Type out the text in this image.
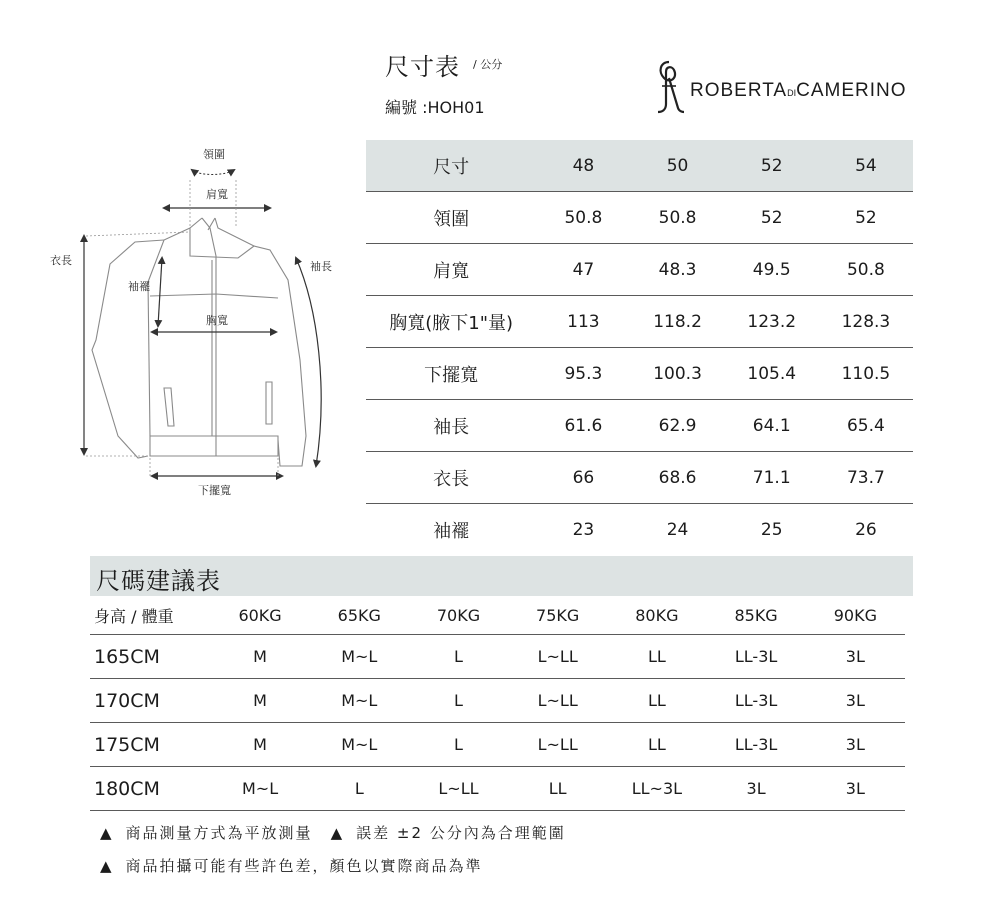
尺寸表 / 公分
編號 :HOH01
ROBERTADICAMERINO
領圍
肩寬
衣長	袖長
袖襬
胸寬
下擺寬
尺寸	48	50	52	54
領圍	50.8	50.8	52	52
肩寬	47	48.3	49.5	50.8
胸寬(腋下1"量)	113	118.2	123.2	128.3
下擺寬	95.3	100.3	105.4	110.5
袖長	61.6	62.9	64.1	65.4
衣長	66	68.6	71.1	73.7
袖襬	23	24	25	26
尺碼建議表
身高 / 體重	60KG	65KG	70KG	75KG	80KG	85KG	90KG
165CM	M	M~L	L	L~LL	LL	LL-3L	3L
170CM	M	M~L	L	L~LL	LL	LL-3L	3L
175CM	M	M~L	L	L~LL	LL	LL-3L	3L
180CM	M~L	L	L~LL	LL	LL~3L	3L	3L
▲ 商品測量方式為平放測量 ▲ 誤差 ±2 公分內為合理範圍
▲ 商品拍攝可能有些許色差，顏色以實際商品為準
